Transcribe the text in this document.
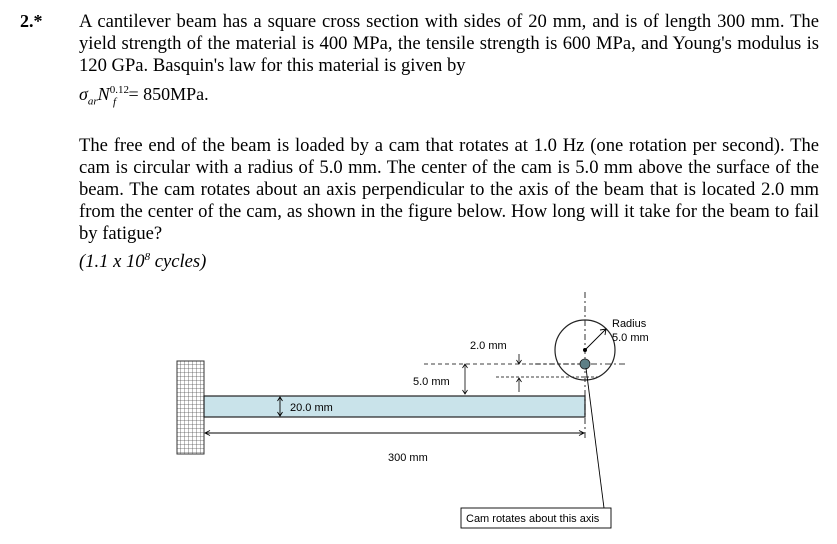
2.* A cantilever beam has a square cross section with sides of 20 mm, and is of length 300 mm. The yield strength of the material is 400 MPa, the tensile strength is 600 MPa, and Young's modulus is 120 GPa. Basquin's law for this material is given by

$\sigma_{ar}N^{0.12}_f = 850MPa$.

The free end of the beam is loaded by a cam that rotates at 1.0 Hz (one rotation per second). The cam is circular with a radius of 5.0 mm. The center of the cam is 5.0 mm above the surface of the beam. The cam rotates about an axis perpendicular to the axis of the beam that is located 2.0 mm from the center of the cam, as shown in the figure below. How long will it take for the beam to fail by fatigue?

(1.1 x $10^8$ cycles)
20.0 mm
300 mm
5.0 mm
2.0 mm
Radius
5.0 mm
Cam rotates about this axis
